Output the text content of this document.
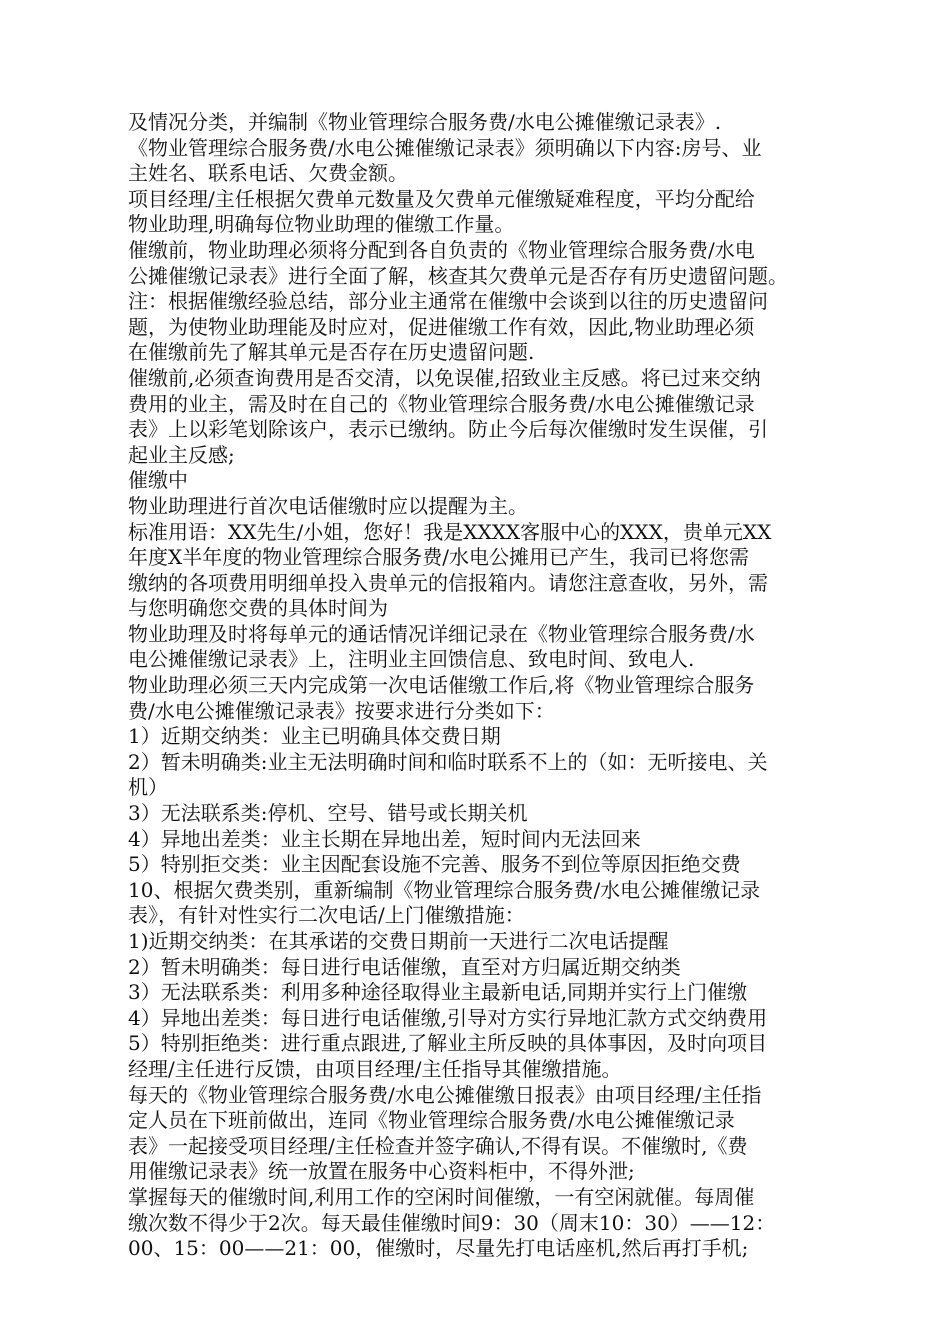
及情况分类，并编制《物业管理综合服务费/水电公摊催缴记录表》.
《物业管理综合服务费/水电公摊催缴记录表》须明确以下内容:房号、业
主姓名、联系电话、欠费金额。
项目经理/主任根据欠费单元数量及欠费单元催缴疑难程度，平均分配给
物业助理,明确每位物业助理的催缴工作量。
催缴前，物业助理必须将分配到各自负责的《物业管理综合服务费/水电
公摊催缴记录表》进行全面了解，核查其欠费单元是否存有历史遗留问题。
注：根据催缴经验总结，部分业主通常在催缴中会谈到以往的历史遗留问
题，为使物业助理能及时应对，促进催缴工作有效，因此,物业助理必须
在催缴前先了解其单元是否存在历史遗留问题.
催缴前,必须查询费用是否交清，以免误催,招致业主反感。将已过来交纳
费用的业主，需及时在自己的《物业管理综合服务费/水电公摊催缴记录
表》上以彩笔划除该户，表示已缴纳。防止今后每次催缴时发生误催，引
起业主反感;
催缴中
物业助理进行首次电话催缴时应以提醒为主。
标准用语：XX先生/小姐，您好！我是XXXX客服中心的XXX，贵单元XX
年度X半年度的物业管理综合服务费/水电公摊用已产生，我司已将您需
缴纳的各项费用明细单投入贵单元的信报箱内。请您注意查收，另外，需
与您明确您交费的具体时间为
物业助理及时将每单元的通话情况详细记录在《物业管理综合服务费/水
电公摊催缴记录表》上，注明业主回馈信息、致电时间、致电人.
物业助理必须三天内完成第一次电话催缴工作后,将《物业管理综合服务
费/水电公摊催缴记录表》按要求进行分类如下：
1）近期交纳类：业主已明确具体交费日期
2）暂未明确类:业主无法明确时间和临时联系不上的（如：无听接电、关
机）
3）无法联系类:停机、空号、错号或长期关机
4）异地出差类：业主长期在异地出差，短时间内无法回来
5）特别拒交类：业主因配套设施不完善、服务不到位等原因拒绝交费
10、根据欠费类别，重新编制《物业管理综合服务费/水电公摊催缴记录
表》，有针对性实行二次电话/上门催缴措施：
1)近期交纳类：在其承诺的交费日期前一天进行二次电话提醒
2）暂未明确类：每日进行电话催缴，直至对方归属近期交纳类
3）无法联系类：利用多种途径取得业主最新电话,同期并实行上门催缴
4）异地出差类：每日进行电话催缴,引导对方实行异地汇款方式交纳费用
5）特别拒绝类：进行重点跟进,了解业主所反映的具体事因，及时向项目
经理/主任进行反馈，由项目经理/主任指导其催缴措施。
每天的《物业管理综合服务费/水电公摊催缴日报表》由项目经理/主任指
定人员在下班前做出，连同《物业管理综合服务费/水电公摊催缴记录
表》一起接受项目经理/主任检查并签字确认,不得有误。不催缴时,《费
用催缴记录表》统一放置在服务中心资料柜中，不得外泄;
掌握每天的催缴时间,利用工作的空闲时间催缴，一有空闲就催。每周催
缴次数不得少于2次。每天最佳催缴时间9：30（周末10：30）——12：
00、15：00——21：00，催缴时，尽量先打电话座机,然后再打手机;
